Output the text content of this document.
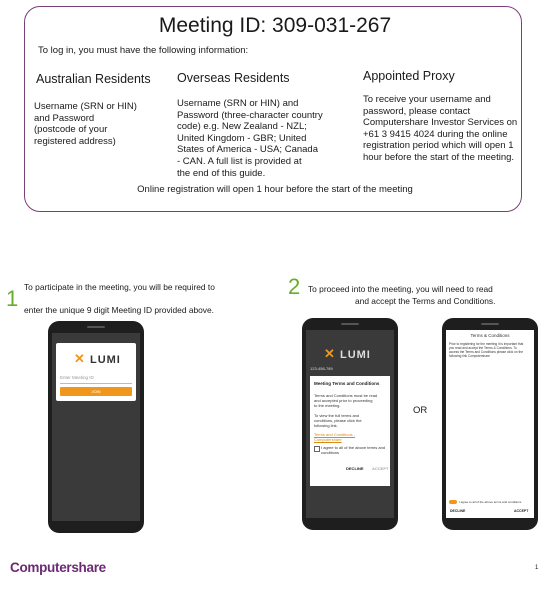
Meeting ID: 309-031-267
To log in, you must have the following information:
Australian Residents
Username (SRN or HIN)
and Password
(postcode of your
registered address)
Overseas Residents
Username (SRN or HIN) and
Password (three-character country
code) e.g. New Zealand - NZL;
United Kingdom - GBR; United
States of America - USA; Canada
- CAN. A full list is provided at
the end of this guide.
Appointed Proxy
To receive your username and
password, please contact
Computershare Investor Services on
+61 3 9415 4024 during the online
registration period which will open 1
hour before the start of the meeting.
Online registration will open 1 hour before the start of the meeting
1 To participate in the meeting, you will be required to
enter the unique 9 digit Meeting ID provided above.
2 To proceed into the meeting, you will need to read
and accept the Terms and Conditions.
✕ LUMI
Enter Meeting ID
JOIN
✕ LUMI
123-456-789
Meeting Terms and Conditions
Terms and Conditions must be read
and accepted prior to proceeding
to the meeting.
To view the full terms and
conditions, please click the
following link.
Terms and Conditions - Computershare
I agree to all of the above terms and
conditions
DECLINE ACCEPT
OR
Terms & Conditions
Prior to registering for the meeting it is important that
you read and accept the Terms & Conditions. To
access the Terms and Conditions please click on the
following link Computershare
I agree to all of the above terms and conditions
DECLINE	ACCEPT
Computershare	1
